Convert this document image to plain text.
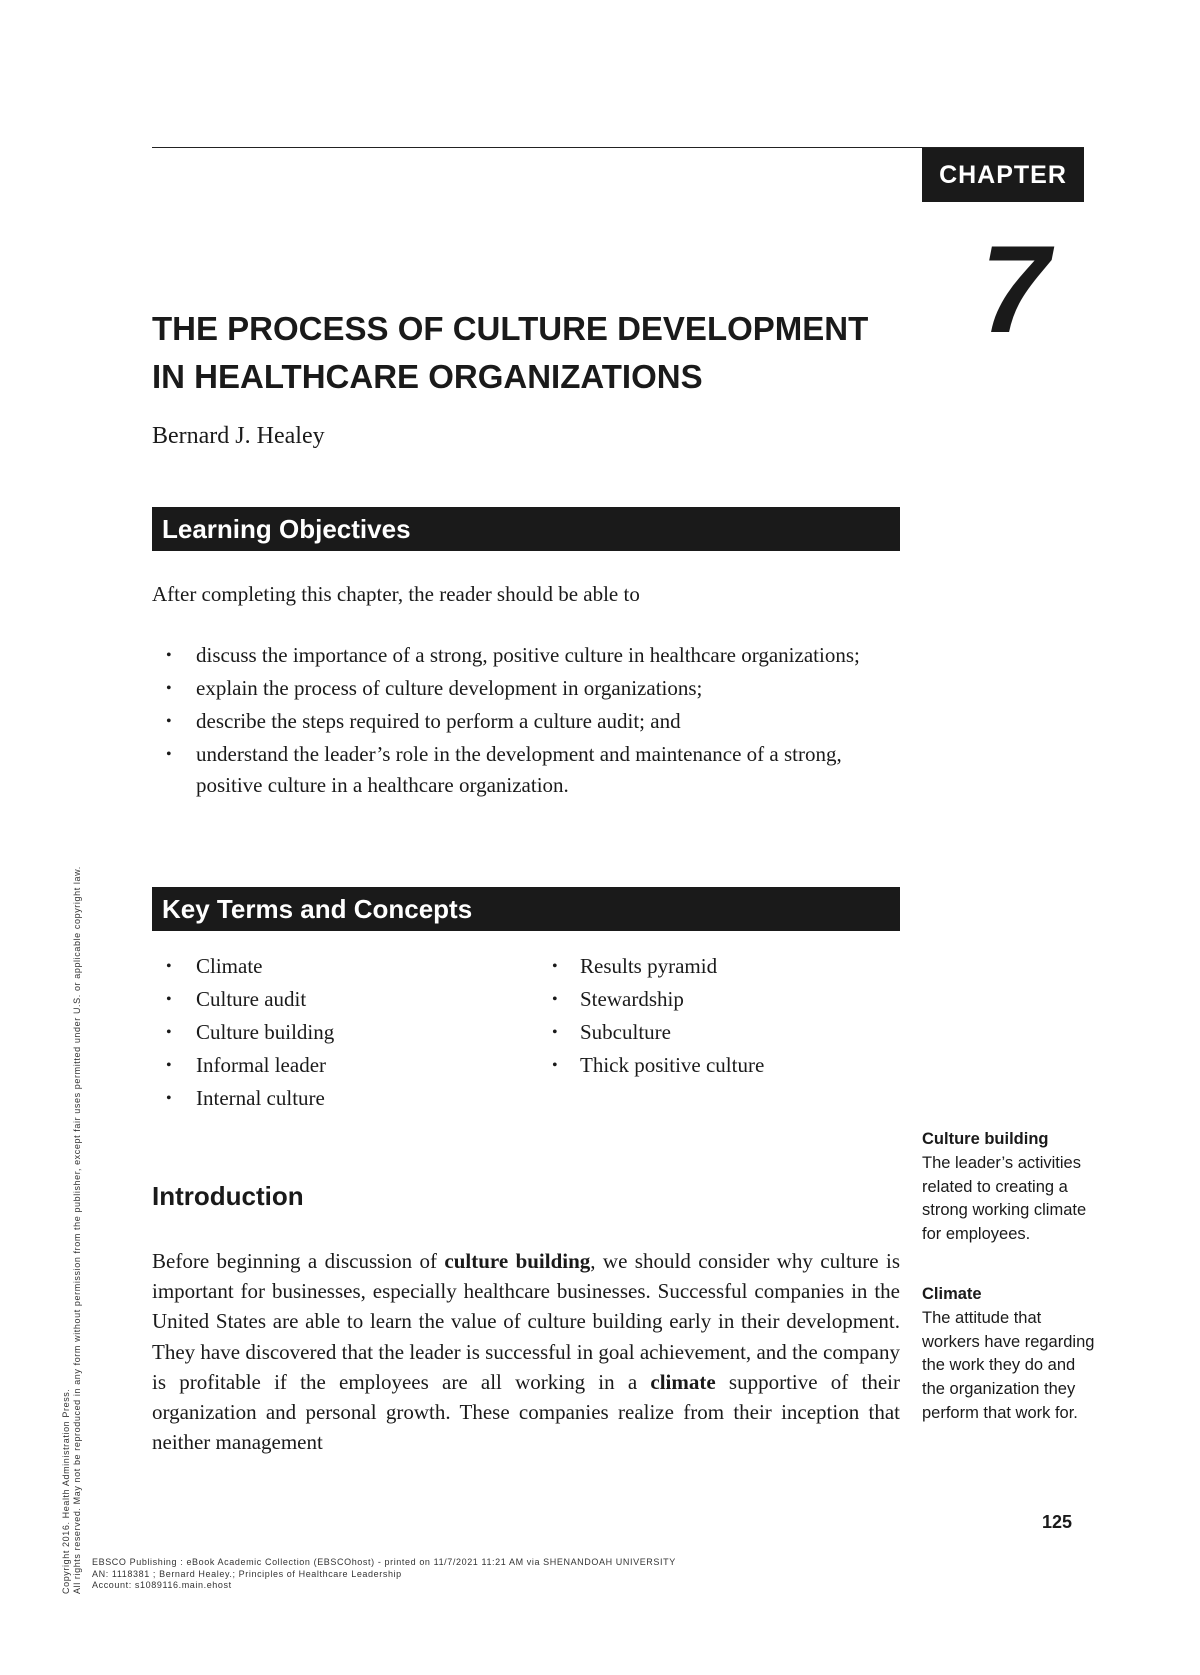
CHAPTER
7
THE PROCESS OF CULTURE DEVELOPMENT
IN HEALTHCARE ORGANIZATIONS
Bernard J. Healey
Learning Objectives
After completing this chapter, the reader should be able to
• discuss the importance of a strong, positive culture in healthcare organizations;
• explain the process of culture development in organizations;
• describe the steps required to perform a culture audit; and
• understand the leader’s role in the development and maintenance of a strong, positive culture in a healthcare organization.
Key Terms and Concepts
• Climate
• Culture audit
• Culture building
• Informal leader
• Internal culture
• Results pyramid
• Stewardship
• Subculture
• Thick positive culture
Introduction

Before beginning a discussion of culture building, we should consider why culture is important for businesses, especially healthcare businesses. Successful companies in the United States are able to learn the value of culture building early in their development. They have discovered that the leader is successful in goal achievement, and the company is profitable if the employees are all working in a climate supportive of their organization and personal growth. These companies realize from their inception that neither management

Culture building
The leader’s activities related to creating a strong working climate for employees.
Climate
The attitude that workers have regarding the work they do and the organization they perform that work for.
125
EBSCO Publishing : eBook Academic Collection (EBSCOhost) - printed on 11/7/2021 11:21 AM via SHENANDOAH UNIVERSITY
AN: 1118381 ; Bernard Healey.; Principles of Healthcare Leadership
Account: s1089116.main.ehost
Copyright 2016. Health Administration Press. All rights reserved. May not be reproduced in any form without permission from the publisher, except fair uses permitted under U.S. or applicable copyright law.
